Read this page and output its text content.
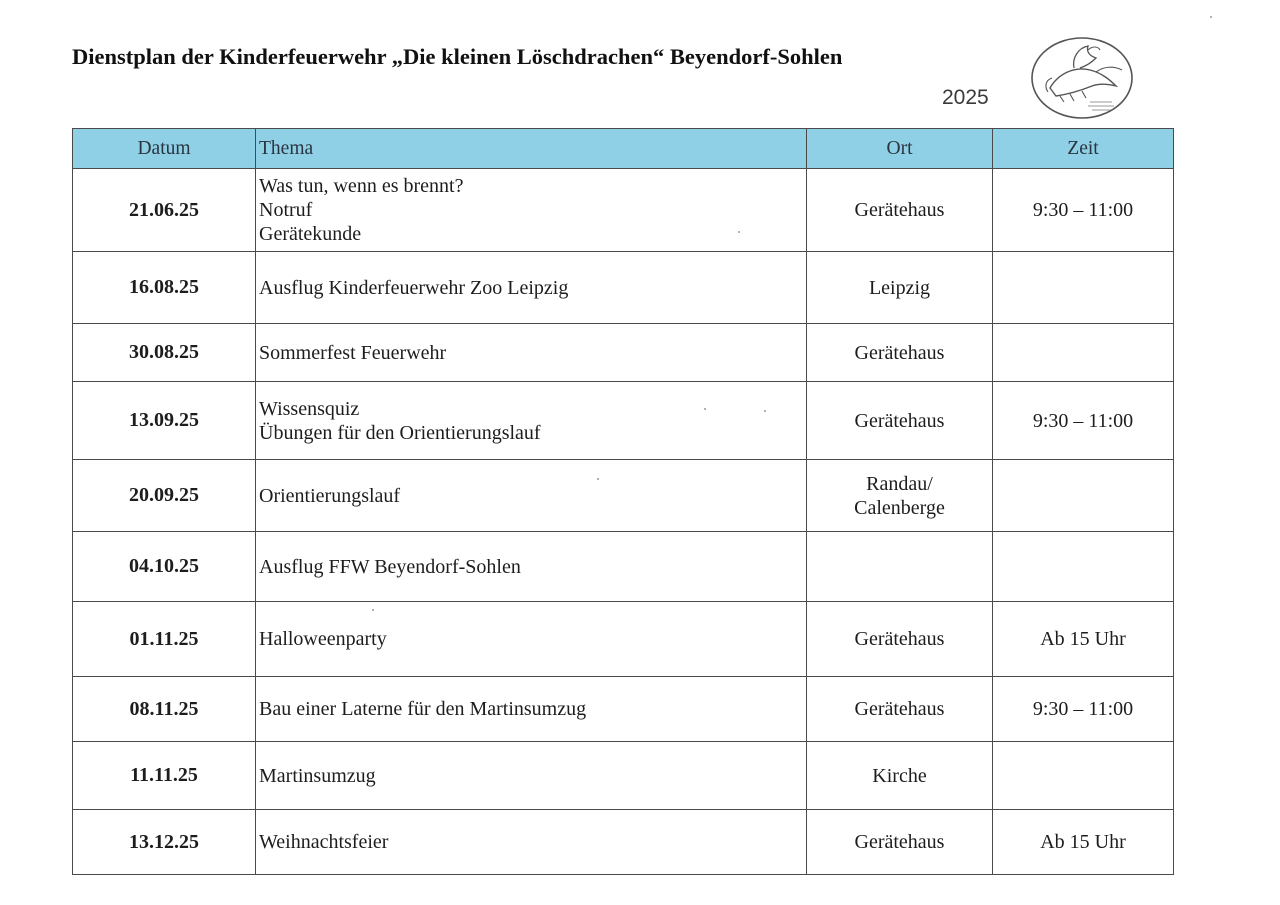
Dienstplan der Kinderfeuerwehr „Die kleinen Löschdrachen“ Beyendorf-Sohlen
2025
Datum	Thema	Ort	Zeit
21.06.25	Was tun, wenn es brennt?
Notruf
Gerätekunde	Gerätehaus	9:30 – 11:00
16.08.25	Ausflug Kinderfeuerwehr Zoo Leipzig	Leipzig	

30.08.25	Sommerfest Feuerwehr	Gerätehaus	

13.09.25	Wissensquiz
Übungen für den Orientierungslauf	Gerätehaus	9:30 – 11:00
20.09.25	Orientierungslauf	Randau/
Calenberge	

04.10.25	Ausflug FFW Beyendorf-Sohlen		

01.11.25	Halloweenparty	Gerätehaus	Ab 15 Uhr
08.11.25	Bau einer Laterne für den Martinsumzug	Gerätehaus	9:30 – 11:00
11.11.25	Martinsumzug	Kirche	

13.12.25	Weihnachtsfeier	Gerätehaus	Ab 15 Uhr
